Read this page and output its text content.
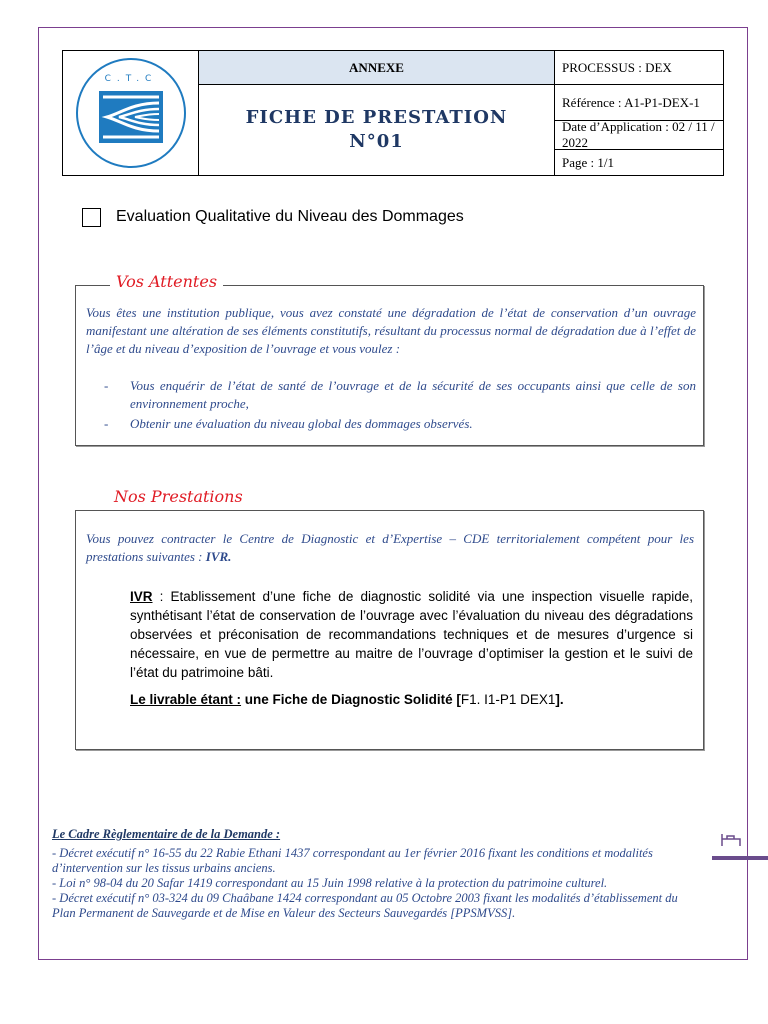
C.T.C
ANNEXE
FICHE DE PRESTATION
N°01
PROCESSUS : DEX
Référence : A1-P1-DEX-1
Date d’Application : 02 / 11 / 2022
Page : 1/1
Evaluation Qualitative du Niveau des Dommages
Vos Attentes
Vous êtes une institution publique, vous avez constaté une dégradation de l’état de conservation d’un ouvrage manifestant une altération de ses éléments constitutifs, résultant du processus normal de dégradation due à l’effet de l’âge et du niveau d’exposition de l’ouvrage et vous voulez :
- Vous enquérir de l’état de santé de l’ouvrage et de la sécurité de ses occupants ainsi que celle de son environnement proche,
- Obtenir une évaluation du niveau global des dommages observés.
Nos Prestations
Vous pouvez contracter le Centre de Diagnostic et d’Expertise – CDE territorialement compétent pour les prestations suivantes : IVR.
IVR : Etablissement d’une fiche de diagnostic solidité via une inspection visuelle rapide, synthétisant l’état de conservation de l’ouvrage avec l’évaluation du niveau des dégradations observées et préconisation de recommandations techniques et de mesures d’urgence si nécessaire, en vue de permettre au maitre de l’ouvrage d’optimiser la gestion et le suivi de l’état du patrimoine bâti.
Le livrable étant : une Fiche de Diagnostic Solidité [F1. I1-P1 DEX1].
Le Cadre Règlementaire de de la Demande :
- Décret exécutif n° 16-55 du 22 Rabie Ethani 1437 correspondant au 1er février 2016 fixant les conditions et modalités d’intervention sur les tissus urbains anciens.
- Loi n° 98-04 du 20 Safar 1419 correspondant au 15 Juin 1998 relative à la protection du patrimoine culturel.
- Décret exécutif n° 03-324 du 09 Chaâbane 1424 correspondant au 05 Octobre 2003 fixant les modalités d’établissement du Plan Permanent de Sauvegarde et de Mise en Valeur des Secteurs Sauvegardés [PPSMVSS].
